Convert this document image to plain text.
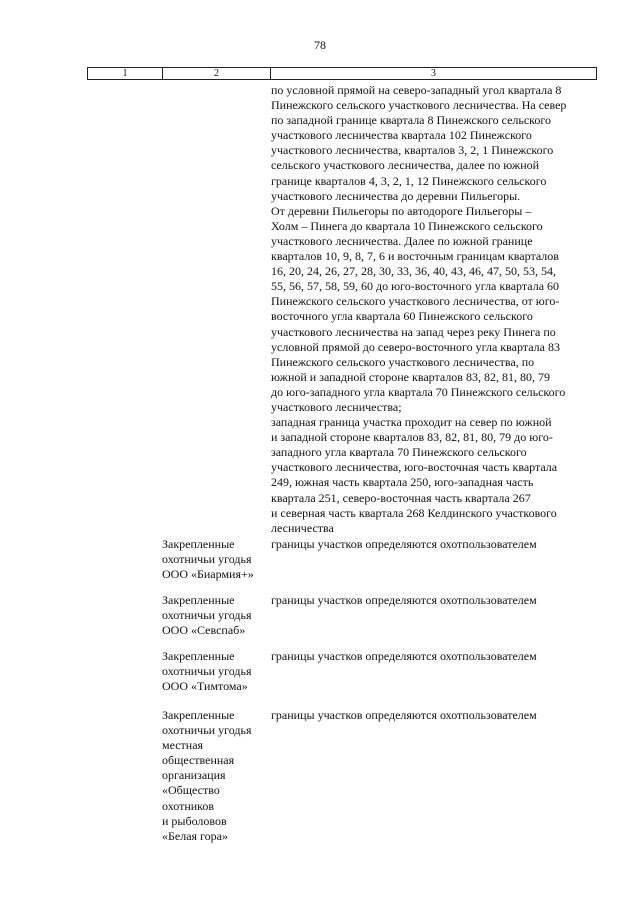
78
1	2	3
по условной прямой на северо-западный угол квартала 8
Пинежского сельского участкового лесничества. На север
по западной границе квартала 8 Пинежского сельского
участкового лесничества квартала 102 Пинежского
участкового лесничества, кварталов 3, 2, 1 Пинежского
сельского участкового лесничества, далее по южной
границе кварталов 4, 3, 2, 1, 12 Пинежского сельского
участкового лесничества до деревни Пильегоры.
От деревни Пильегоры по автодороге Пильегоры –
Холм – Пинега до квартала 10 Пинежского сельского
участкового лесничества. Далее по южной границе
кварталов 10, 9, 8, 7, 6 и восточным границам кварталов
16, 20, 24, 26, 27, 28, 30, 33, 36, 40, 43, 46, 47, 50, 53, 54,
55, 56, 57, 58, 59, 60 до юго-восточного угла квартала 60
Пинежского сельского участкового лесничества, от юго-
восточного угла квартала 60 Пинежского сельского
участкового лесничества на запад через реку Пинега по
условной прямой до северо-восточного угла квартала 83
Пинежского сельского участкового лесничества, по
южной и западной стороне кварталов 83, 82, 81, 80, 79
до юго-западного угла квартала 70 Пинежского сельского
участкового лесничества;
западная граница участка проходит на север по южной
и западной стороне кварталов 83, 82, 81, 80, 79 до юго-
западного угла квартала 70 Пинежского сельского
участкового лесничества, юго-восточная часть квартала
249, южная часть квартала 250, юго-западная часть
квартала 251, северо-восточная часть квартала 267
и северная часть квартала 268 Келдинского участкового
лесничества
Закрепленные
охотничьи угодья
ООО «Биармия+»
границы участков определяются охотпользователем
Закрепленные
охотничьи угодья
ООО «Севспаб»
границы участков определяются охотпользователем
Закрепленные
охотничьи угодья
ООО «Тимтома»
границы участков определяются охотпользователем
Закрепленные
охотничьи угодья
местная
общественная
организация
«Общество
охотников
и рыболовов
«Белая гора»
границы участков определяются охотпользователем
